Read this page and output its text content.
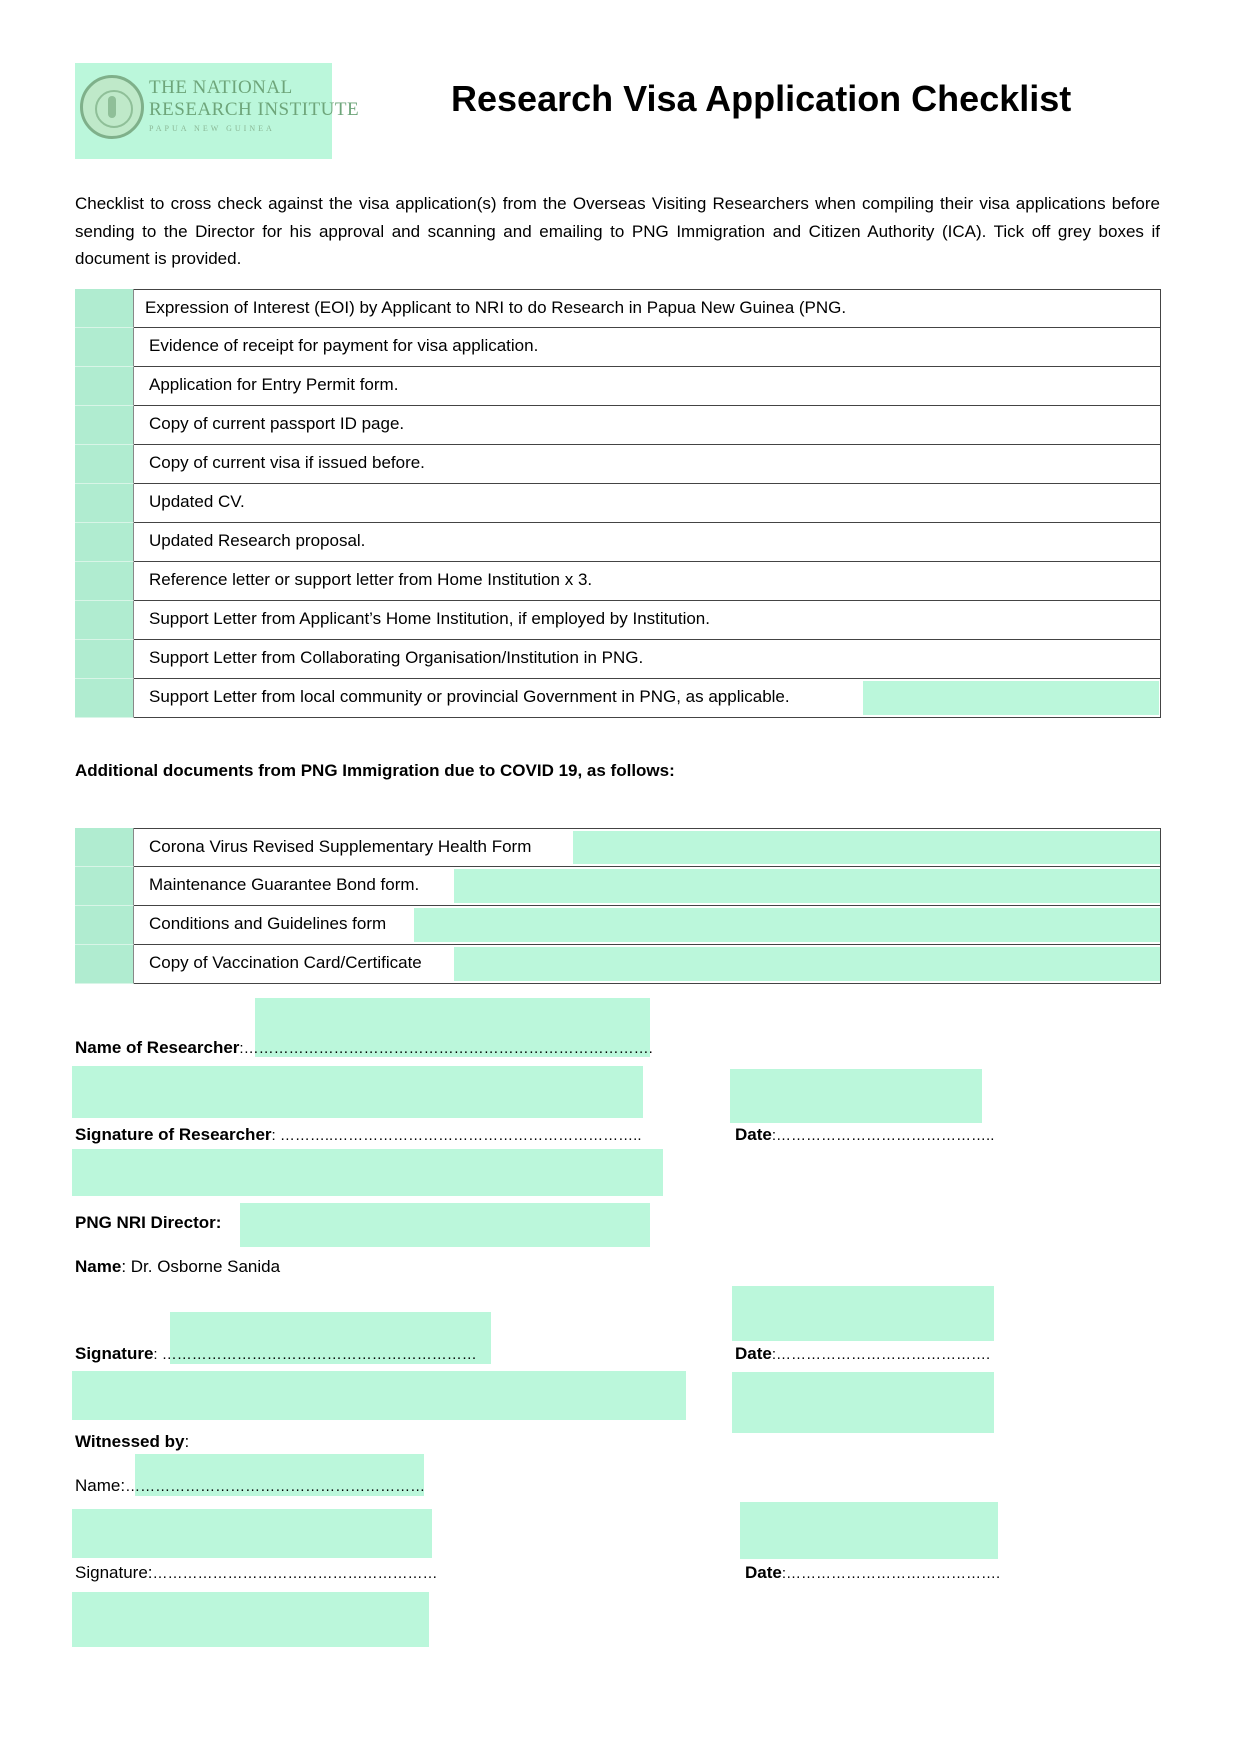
THE NATIONAL
RESEARCH INSTITUTE
PAPUA NEW GUINEA
Research Visa Application Checklist

Checklist to cross check against the visa application(s) from the Overseas Visiting Researchers when compiling their visa applications before sending to the Director for his approval and scanning and emailing to PNG Immigration and Citizen Authority (ICA). Tick off grey boxes if document is provided.

Expression of Interest (EOI) by Applicant to NRI to do Research in Papua New Guinea (PNG.
Evidence of receipt for payment for visa application.
Application for Entry Permit form.
Copy of current passport ID page.
Copy of current visa if issued before.
Updated CV.
Updated Research proposal.
Reference letter or support letter from Home Institution x 3.
Support Letter from Applicant’s Home Institution, if employed by Institution.
Support Letter from Collaborating Organisation/Institution in PNG.
Support Letter from local community or provincial Government in PNG, as applicable.
Additional documents from PNG Immigration due to COVID 19, as follows:
Corona Virus Revised Supplementary Health Form
Maintenance Guarantee Bond form.
Conditions and Guidelines form
Copy of Vaccination Card/Certificate
Name of Researcher:……………………………………………………………………….
Signature of Researcher: ………..……………………………………………………..	Date:……………………………………..
PNG NRI Director:
Name: Dr. Osborne Sanida
Signature: ………………………………………………………	Date:…………………………………….
Witnessed by:
Name:……………………………………………………
Signature:…………………………………………………	Date:…………………………………….
